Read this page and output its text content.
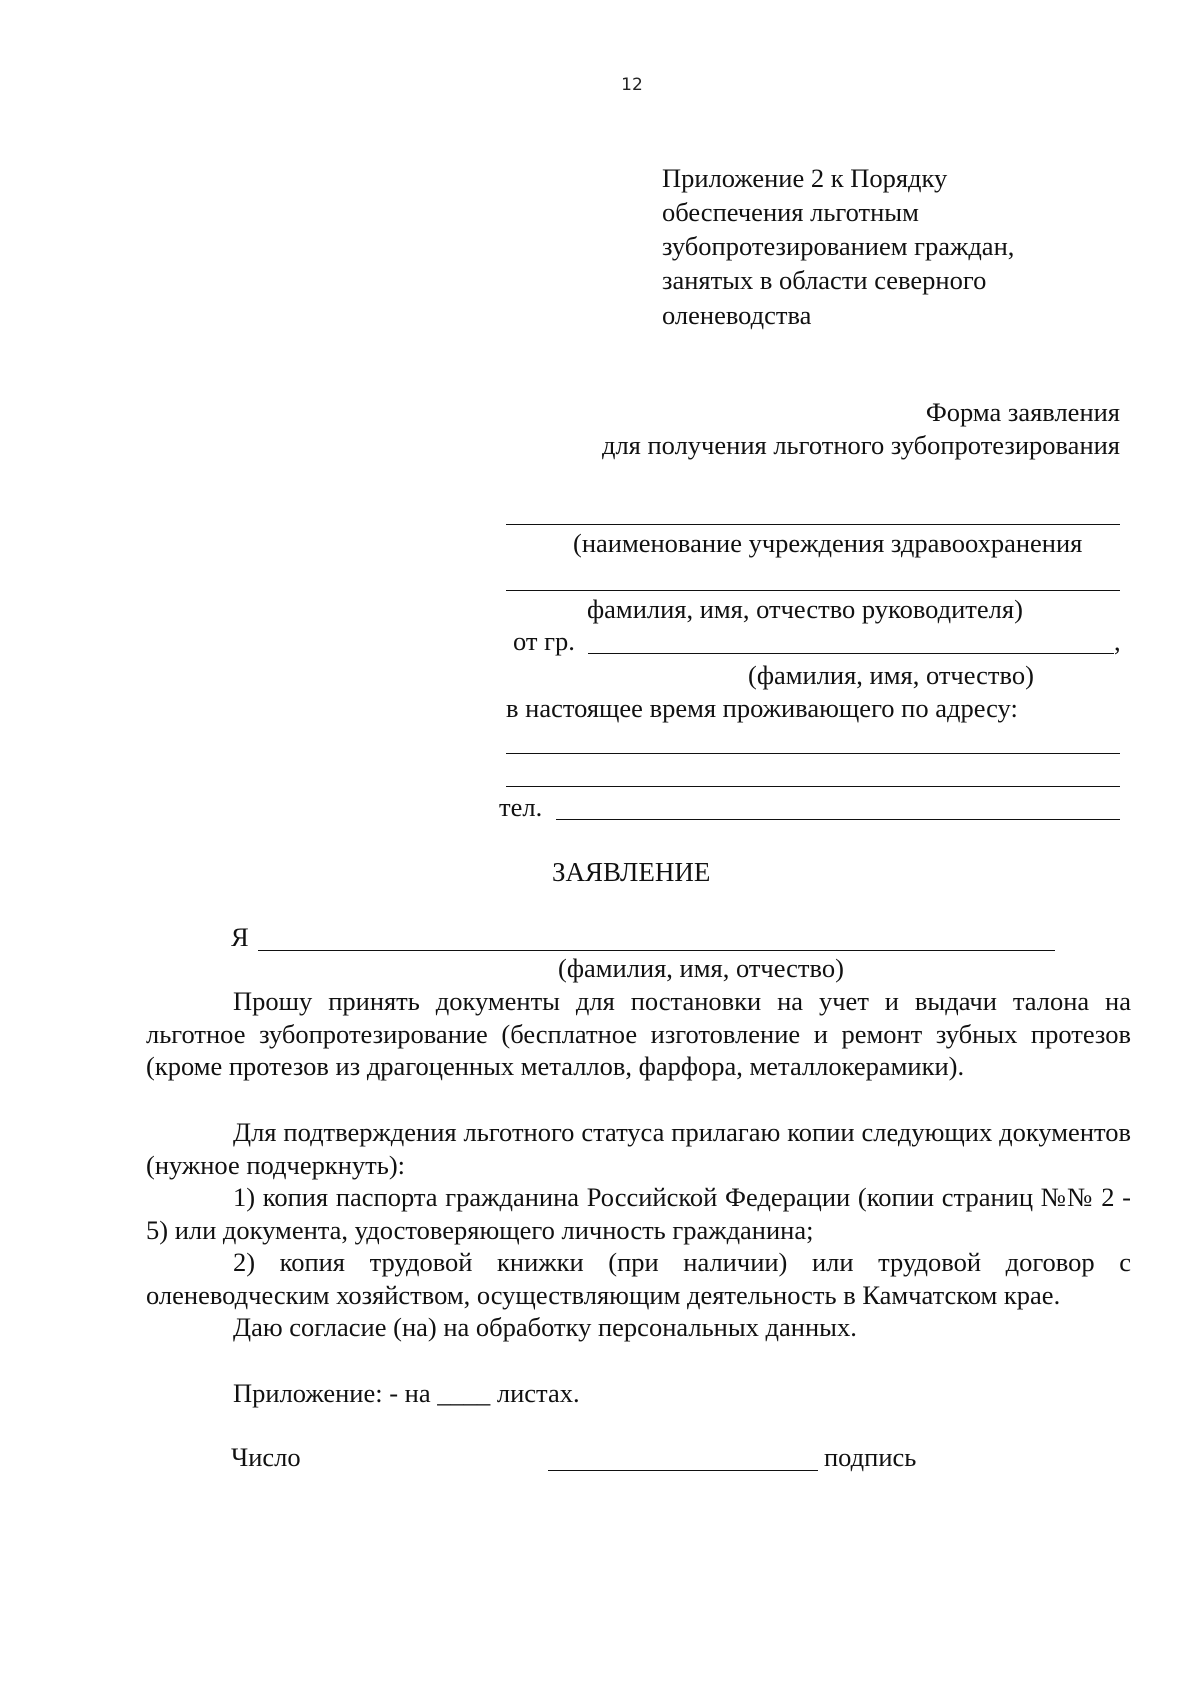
12
Приложение 2 к Порядку
обеспечения льготным
зубопротезированием граждан,
занятых в области северного
оленеводства
Форма заявления
для получения льготного зубопротезирования
(наименование учреждения здравоохранения
фамилия, имя, отчество руководителя)
от гр.	,
(фамилия, имя, отчество)
в настоящее время проживающего по адресу:
тел.
ЗАЯВЛЕНИЕ
Я
(фамилия, имя, отчество)
Прошу принять документы для постановки на учет и выдачи талона на льготное зубопротезирование (бесплатное изготовление и ремонт зубных протезов (кроме протезов из драгоценных металлов, фарфора, металлокерамики).
Для подтверждения льготного статуса прилагаю копии следующих документов (нужное подчеркнуть):
1) копия паспорта гражданина Российской Федерации (копии страниц №№ 2 - 5) или документа, удостоверяющего личность гражданина;
2) копия трудовой книжки (при наличии) или трудовой договор с оленеводческим хозяйством, осуществляющим деятельность в Камчатском крае.
Даю согласие (на) на обработку персональных данных.
Приложение: - на ____ листах.
Число	подпись
